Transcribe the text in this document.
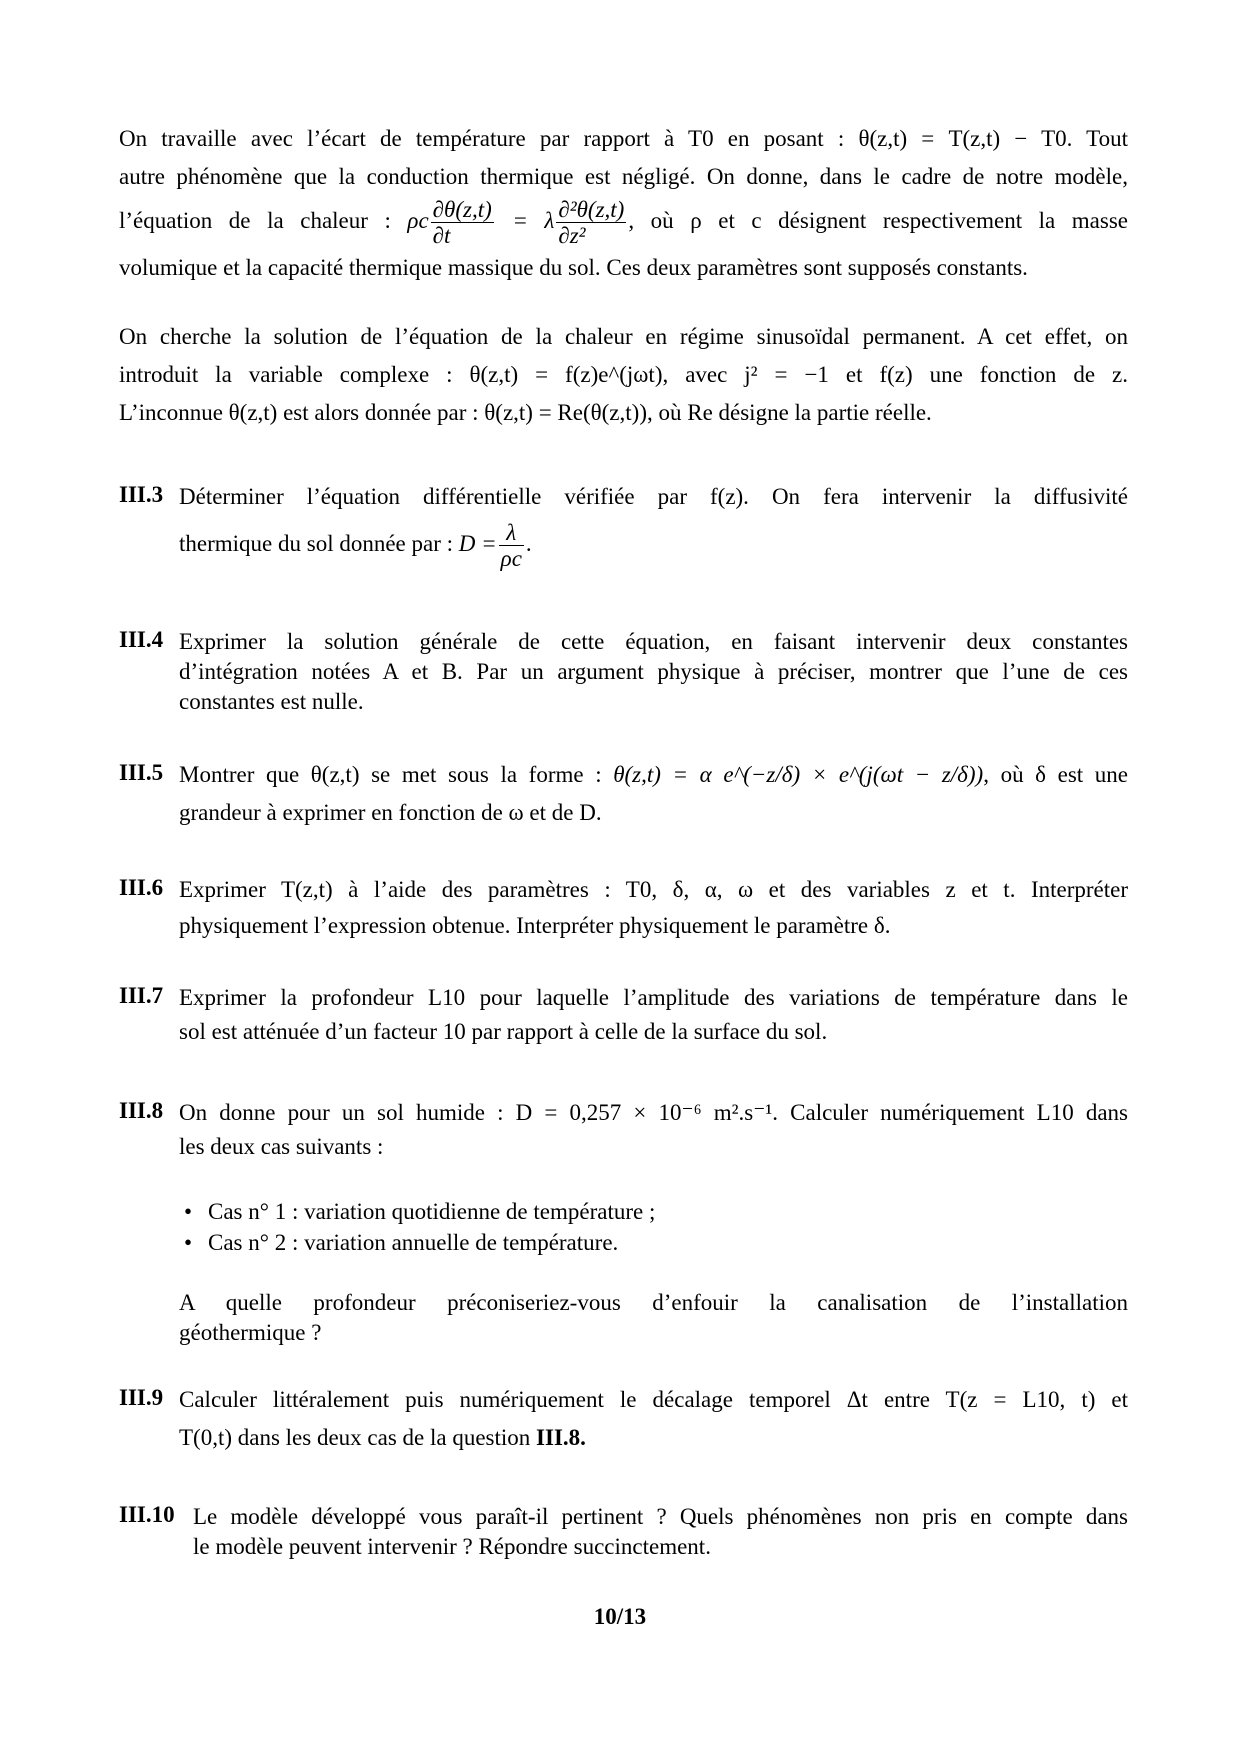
On travaille avec l’écart de température par rapport à T0 en posant : θ(z,t) = T(z,t) − T0. Tout
autre phénomène que la conduction thermique est négligé. On donne, dans le cadre de notre modèle,
l’équation de la chaleur : ρc $\frac{\partial\theta(z,t)}{\partial t} = \lambda \frac{\text{∂²θ(z,t)}}{\text{∂z²}}$ , où ρ et c désignent respectivement la masse
volumique et la capacité thermique massique du sol. Ces deux paramètres sont supposés constants.
On cherche la solution de l’équation de la chaleur en régime sinusoïdal permanent. A cet effet, on
introduit la variable complexe : θ(z,t) = f(z)e^(jωt), avec j² = −1 et f(z) une fonction de z.
L’inconnue θ(z,t) est alors donnée par : θ(z,t) = Re(θ(z,t)), où Re désigne la partie réelle.
III.3 Déterminer l’équation différentielle vérifiée par f(z). On fera intervenir la diffusivité
thermique du sol donnée par : $D = \frac{\lambda}{\rho c}$ .
III.4 Exprimer la solution générale de cette équation, en faisant intervenir deux constantes
d’intégration notées A et B. Par un argument physique à préciser, montrer que l’une de ces
constantes est nulle.
III.5 Montrer que θ(z,t) se met sous la forme : θ(z,t) = α e^(−z/δ) × e^(j(ωt − z/δ)), où δ est une
grandeur à exprimer en fonction de ω et de D.
III.6 Exprimer T(z,t) à l’aide des paramètres : T0, δ, α, ω et des variables z et t. Interpréter
physiquement l’expression obtenue. Interpréter physiquement le paramètre δ.
III.7 Exprimer la profondeur L10 pour laquelle l’amplitude des variations de température dans le
sol est atténuée d’un facteur 10 par rapport à celle de la surface du sol.
III.8 On donne pour un sol humide : D = 0,257 × 10⁻⁶ m².s⁻¹. Calculer numériquement L10 dans
les deux cas suivants :
• Cas n° 1 : variation quotidienne de température ;
• Cas n° 2 : variation annuelle de température.
A quelle profondeur préconiseriez-vous d’enfouir la canalisation de l’installation
géothermique ?
III.9 Calculer littéralement puis numériquement le décalage temporel Δt entre T(z = L10, t) et
T(0,t) dans les deux cas de la question III.8.
III.10 Le modèle développé vous paraît-il pertinent ? Quels phénomènes non pris en compte dans
le modèle peuvent intervenir ? Répondre succinctement.
10/13
